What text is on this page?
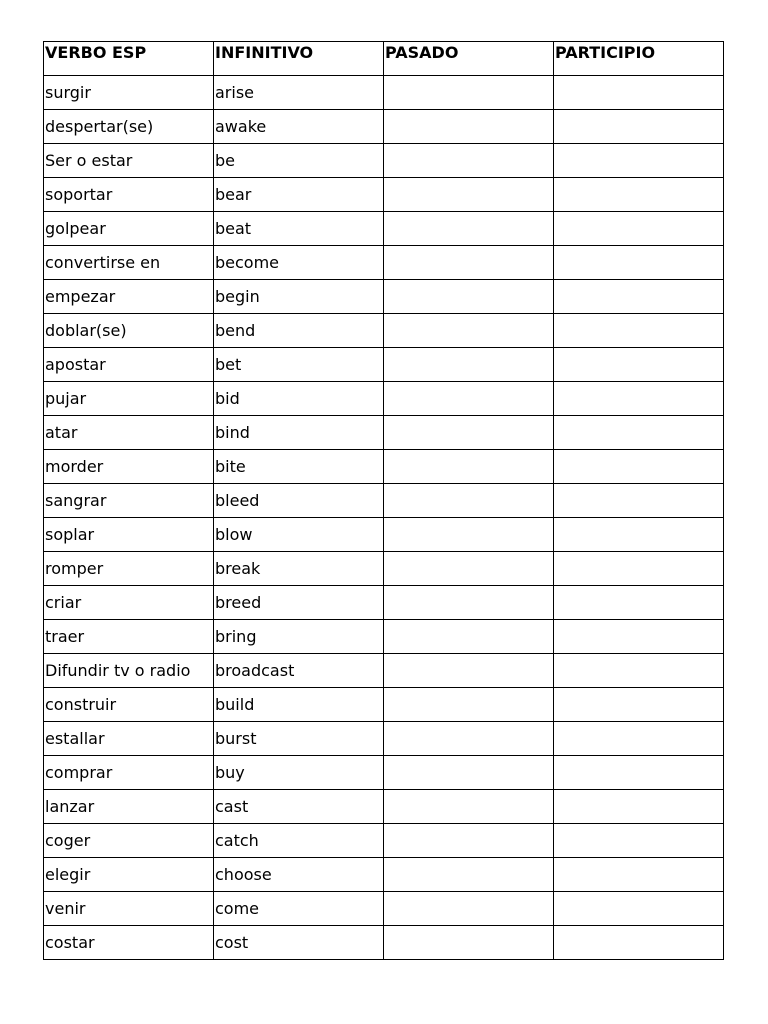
VERBO ESP	INFINITIVO	PASADO	PARTICIPIO
surgir	arise		
despertar(se)	awake		
Ser o estar	be		
soportar	bear		
golpear	beat		
convertirse en	become		
empezar	begin		
doblar(se)	bend		
apostar	bet		
pujar	bid		
atar	bind		
morder	bite		
sangrar	bleed		
soplar	blow		
romper	break		
criar	breed		
traer	bring		
Difundir tv o radio	broadcast		
construir	build		
estallar	burst		
comprar	buy		
lanzar	cast		
coger	catch		
elegir	choose		
venir	come		
costar	cost		
